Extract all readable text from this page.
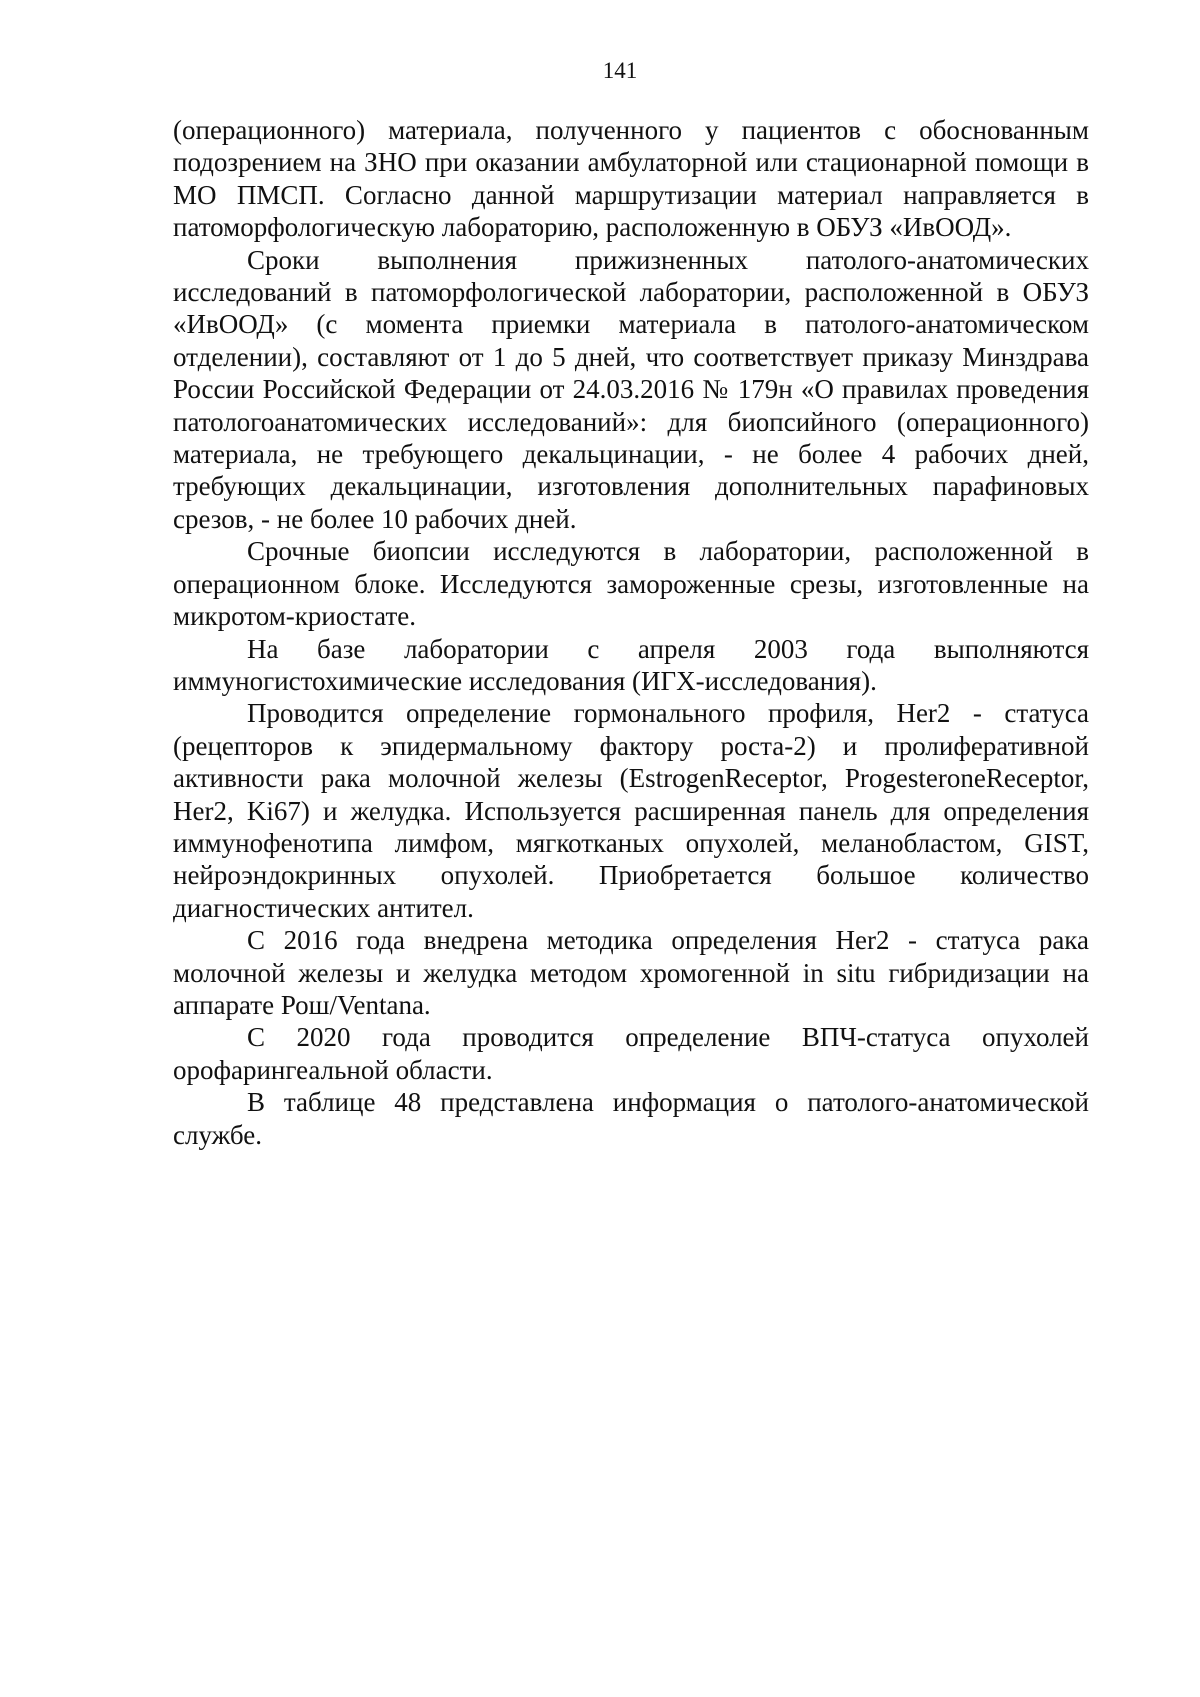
141

(операционного) материала, полученного у пациентов с обоснованным подозрением на ЗНО при оказании амбулаторной или стационарной помощи в МО ПМСП. Согласно данной маршрутизации материал направляется в патоморфологическую лабораторию, расположенную в ОБУЗ «ИвООД».

Сроки выполнения прижизненных патолого-анатомических исследований в патоморфологической лаборатории, расположенной в ОБУЗ «ИвООД» (с момента приемки материала в патолого-анатомическом отделении), составляют от 1 до 5 дней, что соответствует приказу Минздрава России Российской Федерации от 24.03.2016 № 179н «О правилах проведения патологоанатомических исследований»: для биопсийного (операционного) материала, не требующего декальцинации, - не более 4 рабочих дней, требующих декальцинации, изготовления дополнительных парафиновых срезов, - не более 10 рабочих дней.

Срочные биопсии исследуются в лаборатории, расположенной в операционном блоке. Исследуются замороженные срезы, изготовленные на микротом-криостате.

На базе лаборатории с апреля 2003 года выполняются иммуногистохимические исследования (ИГХ-исследования).

Проводится определение гормонального профиля, Her2 - статуса (рецепторов к эпидермальному фактору роста-2) и пролиферативной активности рака молочной железы (EstrogenReceptor, ProgesteroneReceptor, Her2, Ki67) и желудка. Используется расширенная панель для определения иммунофенотипа лимфом, мягкотканых опухолей, меланобластом, GIST, нейроэндокринных опухолей. Приобретается большое количество диагностических антител.

С 2016 года внедрена методика определения Her2 - статуса рака молочной железы и желудка методом хромогенной in situ гибридизации на аппарате Рош/Ventana.

С 2020 года проводится определение ВПЧ-статуса опухолей орофарингеальной области.

В таблице 48 представлена информация о патолого-анатомической службе.
